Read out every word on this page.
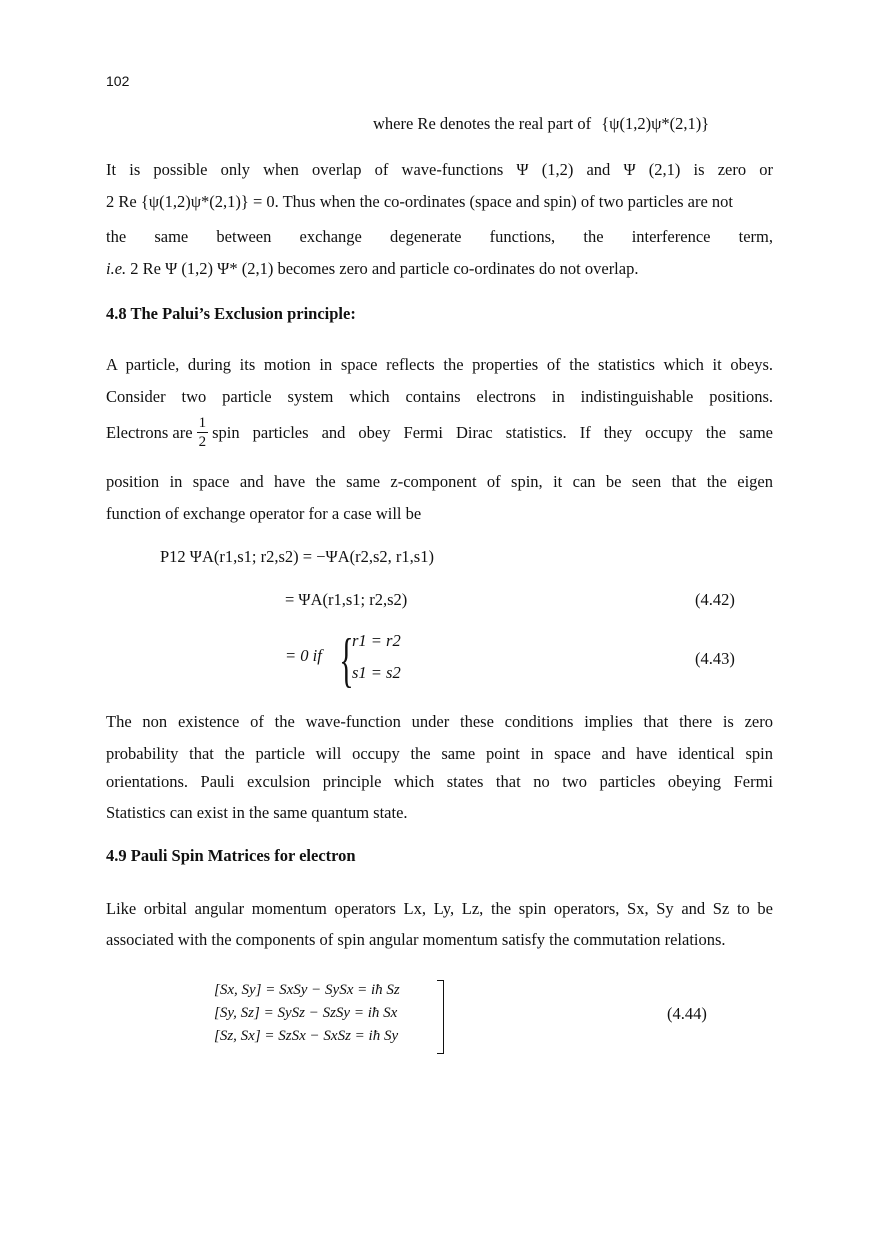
102
where Re denotes the real part of {ψ(1,2)ψ*(2,1)}
It is possible only when overlap of wave-functions Ψ (1,2) and Ψ (2,1) is zero or
2 Re {ψ(1,2)ψ*(2,1)} = 0. Thus when the co-ordinates (space and spin) of two particles are not
the same between exchange degenerate functions, the interference term,
i.e. 2 Re Ψ (1,2) Ψ* (2,1) becomes zero and particle co-ordinates do not overlap.
4.8 The Palui’s Exclusion principle:
A particle, during its motion in space reflects the properties of the statistics which it obeys.
Consider two particle system which contains electrons in indistinguishable positions.
Electrons are $\frac{1}{2}$ spin particles and obey Fermi Dirac statistics. If they occupy the same
position in space and have the same z-component of spin, it can be seen that the eigen
function of exchange operator for a case will be
P12 ΨA(r1,s1; r2,s2) = −ΨA(r2,s2, r1,s1)
= ΨA(r1,s1; r2,s2)	(4.42)
= 0 if {
r1 = r2
s1 = s2
(4.43)
The non existence of the wave-function under these conditions implies that there is zero
probability that the particle will occupy the same point in space and have identical spin
orientations. Pauli exculsion principle which states that no two particles obeying Fermi
Statistics can exist in the same quantum state.
4.9 Pauli Spin Matrices for electron
Like orbital angular momentum operators Lx, Ly, Lz, the spin operators, Sx, Sy and Sz to be
associated with the components of spin angular momentum satisfy the commutation relations.
[Sx, Sy] = SxSy − SySx = iħ Sz
[Sy, Sz] = SySz − SzSy = iħ Sx
[Sz, Sx] = SzSx − SxSz = iħ Sy
(4.44)
